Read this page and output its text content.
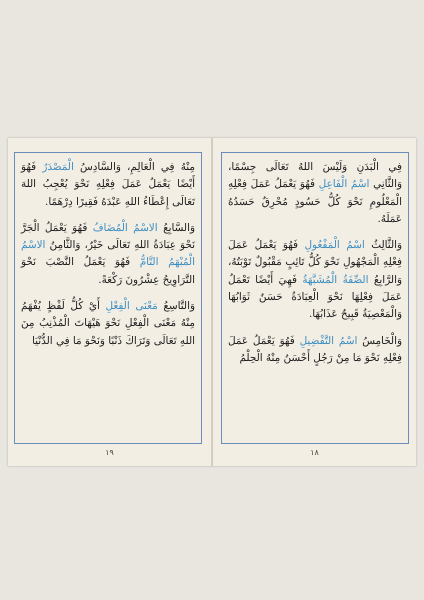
مِنْهُ فِي الْعَالِمِ، وَالسَّادِسُ الْمَصْدَرُ فَهُوَ أَيْضًا يَعْمَلُ عَمَلَ فِعْلِهِ نَحْوَ يُعْجِبُ اللهَ تَعَالَى إِعْطَاءُ اللهِ عَبْدَهُ فَقِيرًا دِرْهَمًا.

وَالسَّابِعُ الاسْمُ الْمُضَافُ فَهُوَ يَعْمَلُ الْجَرَّ نَحْوَ عِبَادَةُ اللهِ تَعَالَى خَيْرٌ، وَالثَّامِنُ الاسْمُ الْمُبْهَمُ التَّامُّ فَهُوَ يَعْمَلُ النَّصْبَ نَحْوَ التَّرَاوِيحُ عِشْرُونَ رَكْعَةً.

وَالتَّاسِعُ مَعْنَى الْفِعْلِ أَيْ كُلُّ لَفْظٍ يُفْهَمُ مِنْهُ مَعْنَى الْفِعْلِ نَحْوَ هَيْهَاتَ الْمُذْنِبُ مِنَ اللهِ تَعَالَى وَتَرَاكَ ذَنْبًا وَنَحْوَ مَا فِي الدُّنْيَا

١٩

فِي الْبَدَنِ وَلَيْسَ اللهُ تَعَالَى جِسْمًا، وَالثَّانِي اسْمُ الْفَاعِلِ فَهُوَ يَعْمَلُ عَمَلَ فِعْلِهِ الْمَعْلُومِ نَحْوَ كُلُّ حَسُودٍ مُحْرِقٌ حَسَدُهُ عَمَلَهُ.

وَالثَّالِثُ اسْمُ الْمَفْعُولِ فَهُوَ يَعْمَلُ عَمَلَ فِعْلِهِ الْمَجْهُولِ نَحْوَ كُلُّ تَائِبٍ مَقْبُولٌ تَوْبَتُهُ، وَالرَّابِعُ الصِّفَةُ الْمُشَبَّهَةُ فَهِيَ أَيْضًا تَعْمَلُ عَمَلَ فِعْلِهَا نَحْوَ الْعِبَادَةُ حَسَنٌ ثَوَابُهَا وَالْمَعْصِيَةُ قَبِيحٌ عَذَابُهَا.

وَالْخَامِسُ اسْمُ التَّفْضِيلِ فَهُوَ يَعْمَلُ عَمَلَ فِعْلِهِ نَحْوَ مَا مِنْ رَجُلٍ أَحْسَنُ مِنْهُ الْحِلْمُ

١٨
